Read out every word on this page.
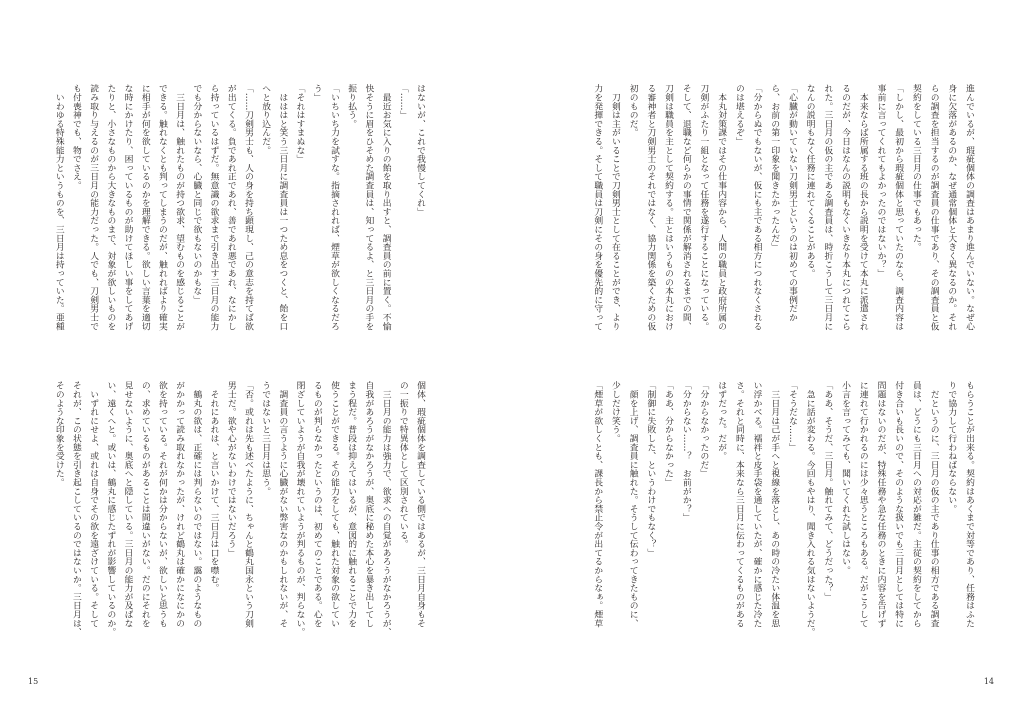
はないが、これで我慢してくれ」
「……」
　最近お気に入りの飴を取り出すと、調査員の前に置く。不愉
快そうに眉をひそめた調査員は、知ってるよ、と三日月の手を
振り払う。
「いちいち力を試すな。指摘されれば、煙草が欲しくなるだろ
う」
「それはすまぬな」
　はははと笑う三日月に調査員は一つため息をつくと、飴を口
へと放り込んだ。
「……刀剣男士も、人の身を持ち顕現し、己の意志を持てば欲
が出てくる。負であれ正であれ、善であれ悪であれ、なにかし
ら持っているはずだ。無意識の欲求まで引き出す三日月の能力
でも分からないなら、心臓と同じで欲もないのかもな」
　三日月は、触れたものが持つ欲求、望むものを感じることが
できる。触れなくとも判ってしまうのだが、触れればより確実
に相手が何を欲しているのかを理解できる。欲しい言葉を適切
な時にかけたり、困っているものが助けてほしい事をしてあげ
たりと、小さなものから大きなものまで、対象が欲しいものを
読み取り与えるのが三日月の能力だった。人でも、刀剣男士で
も付喪神でも、物でさえ。
　いわゆる特殊能力というものを、三日月は持っていた。亜種
個体、瑕疵個体を調査している側ではあるが、三日月自身もそ
の一振りで特異体として区別されている。
　三日月の能力は強力で、欲求への自覚があろうがなかろうが、
自我があろうがなかろうが、奥底に秘めた本心を暴き出してし
まう程だ。普段は抑えてはいるが、意図的に触れることで力を
使うことができる。その能力をしても、触れた対象の欲してい
るものが判らなかったというのは、初めてのことである。心を
閉ざしていようが自我が壊れていようが判るものが、判らない。
　調査員の言うように心臓がない弊害なのかもしれないが、そ
うではないと三日月は思う。
「否。或れは先も述べたように、ちゃんと鶴丸国永という刀剣
男士だ。欲や心がないわけではないだろう」
　それにあれは、と言いかけて、三日月は口を噤む。
　鶴丸の欲は、正確には判らないのではない。靄のようなもの
がかかって読み取れなかったが、けれど鶴丸は確かになにかの
欲を持っている。それが何かは分からないが、欲しいと思うも
の、求めているものがあることは間違いがない。だのにそれを
見せないように、奥底へと隠している。三日月の能力が及ばな
い、遠くへと。或いは、鶴丸に感じたずれが影響しているのか。
　いずれにせよ、或れは自身でその欲を遠ざけている。そして
それが、この状態を引き起こしているのではないか。三日月は、
そのような印象を受けた。
15
進んでいるが、瑕疵個体の調査はあまり進んでいない。なぜ心
身に欠落があるのか、なぜ通常個体と大きく異なるのか。それ
らの調査を担当するのが調査員の仕事であり、その調査員と仮
契約をしている三日月の仕事でもあった。
「しかし、最初から瑕疵個体と思っていたのなら、調査内容は
事前に言ってくれてもよかったのではないか？」
　本来ならば所属する班の長から説明を受けて本丸に派遣され
るのだが、今日はなんの説明もなくいきなり本丸につれてこら
れた。三日月の仮の主である調査員は、時折こうして三日月に
なんの説明もなく任務に連れてくることがある。
「心臓が動いていない刀剣男士というのは初めての事例だか
ら、お前の第一印象を聞きたかったんだ」
「分からぬでもないが、仮にも主である相方につれなくされる
のは堪えるぞ」
　本丸対策課ではその仕事内容から、人間の職員と政府所属の
刀剣がふたり一組となって任務を遂行することになっている。
そして、退職など何らかの事情で関係が解消されるまでの間、
刀剣は職員を主として契約する。主とはいうものの本丸におけ
る審神者と刀剣男士のそれではなく、協力関係を築くための仮
初のものだ。
　刀剣は主がいることで刀剣男士として在ることができ、より
力を発揮できる。そして職員は刀剣にその身を優先的に守って
もらうことが出来る。契約はあくまで対等であり、任務はふた
りで協力して行わねばならない。
　だというのに、三日月の仮の主であり仕事の相方である調査
員は、どうにも三日月への対応が雑だ。主従の契約をしてから
付き合いも長いので、そのような扱いでも三日月としては特に
問題はないのだが、特殊任務や急な任務のときに内容を告げず
に連れて行かれるのには少々思うところもある。だがこうして
小言を言ってみても、聞いてくれた試しはない。
「ああ、そうだ、三日月。触れてみて、どうだった？」
　急に話が変わる。今回もやはり、聞き入れる気はないようだ。
「そうだな……」
　三日月は己が手へと視線を落とし、あの時の冷たい体温を思
い浮かべる。襦袢と皮手袋を通していたが、確かに感じた冷た
さ。それと同時に、本来なら三日月に伝わってくるものがある
はずだった。だが。
「分からなかったのだ」
「分からない……？　お前がか？」
「ああ、分からなかった」
「制御に失敗した、というわけでもなく？」
　顔を上げ、調査員に触れた。そうして伝わってきたものに、
少しだけ笑う。
「煙草が欲しくとも、課長から禁止令が出てるからなぁ。煙草
14
